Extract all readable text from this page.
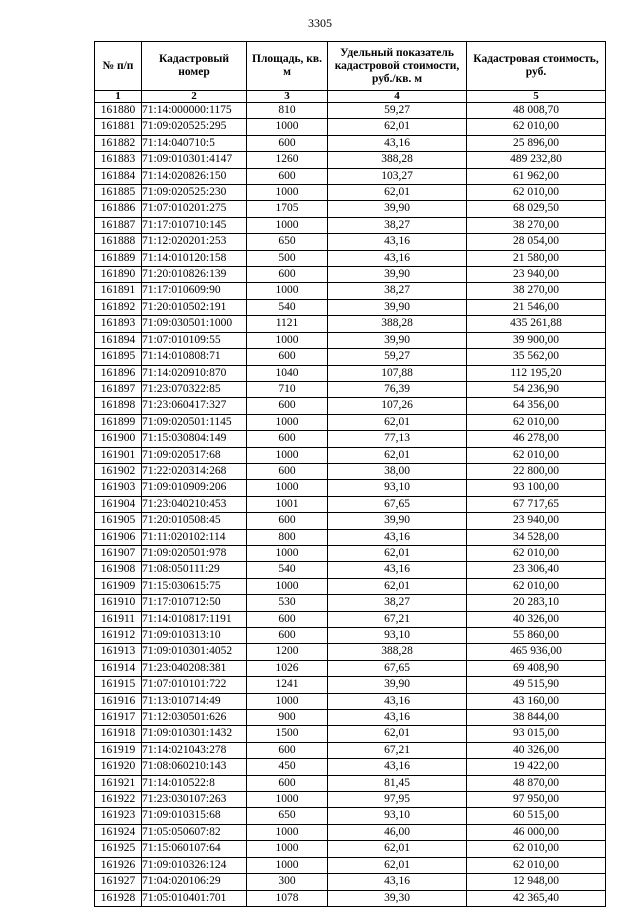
3305
№ п/п	Кадастровый номер	Площадь, кв. м	Удельный показатель кадастровой стоимости, руб./кв. м	Кадастровая стоимость, руб.
1	2	3	4	5
161880	71:14:000000:1175	810	59,27	48 008,70
161881	71:09:020525:295	1000	62,01	62 010,00
161882	71:14:040710:5	600	43,16	25 896,00
161883	71:09:010301:4147	1260	388,28	489 232,80
161884	71:14:020826:150	600	103,27	61 962,00
161885	71:09:020525:230	1000	62,01	62 010,00
161886	71:07:010201:275	1705	39,90	68 029,50
161887	71:17:010710:145	1000	38,27	38 270,00
161888	71:12:020201:253	650	43,16	28 054,00
161889	71:14:010120:158	500	43,16	21 580,00
161890	71:20:010826:139	600	39,90	23 940,00
161891	71:17:010609:90	1000	38,27	38 270,00
161892	71:20:010502:191	540	39,90	21 546,00
161893	71:09:030501:1000	1121	388,28	435 261,88
161894	71:07:010109:55	1000	39,90	39 900,00
161895	71:14:010808:71	600	59,27	35 562,00
161896	71:14:020910:870	1040	107,88	112 195,20
161897	71:23:070322:85	710	76,39	54 236,90
161898	71:23:060417:327	600	107,26	64 356,00
161899	71:09:020501:1145	1000	62,01	62 010,00
161900	71:15:030804:149	600	77,13	46 278,00
161901	71:09:020517:68	1000	62,01	62 010,00
161902	71:22:020314:268	600	38,00	22 800,00
161903	71:09:010909:206	1000	93,10	93 100,00
161904	71:23:040210:453	1001	67,65	67 717,65
161905	71:20:010508:45	600	39,90	23 940,00
161906	71:11:020102:114	800	43,16	34 528,00
161907	71:09:020501:978	1000	62,01	62 010,00
161908	71:08:050111:29	540	43,16	23 306,40
161909	71:15:030615:75	1000	62,01	62 010,00
161910	71:17:010712:50	530	38,27	20 283,10
161911	71:14:010817:1191	600	67,21	40 326,00
161912	71:09:010313:10	600	93,10	55 860,00
161913	71:09:010301:4052	1200	388,28	465 936,00
161914	71:23:040208:381	1026	67,65	69 408,90
161915	71:07:010101:722	1241	39,90	49 515,90
161916	71:13:010714:49	1000	43,16	43 160,00
161917	71:12:030501:626	900	43,16	38 844,00
161918	71:09:010301:1432	1500	62,01	93 015,00
161919	71:14:021043:278	600	67,21	40 326,00
161920	71:08:060210:143	450	43,16	19 422,00
161921	71:14:010522:8	600	81,45	48 870,00
161922	71:23:030107:263	1000	97,95	97 950,00
161923	71:09:010315:68	650	93,10	60 515,00
161924	71:05:050607:82	1000	46,00	46 000,00
161925	71:15:060107:64	1000	62,01	62 010,00
161926	71:09:010326:124	1000	62,01	62 010,00
161927	71:04:020106:29	300	43,16	12 948,00
161928	71:05:010401:701	1078	39,30	42 365,40
